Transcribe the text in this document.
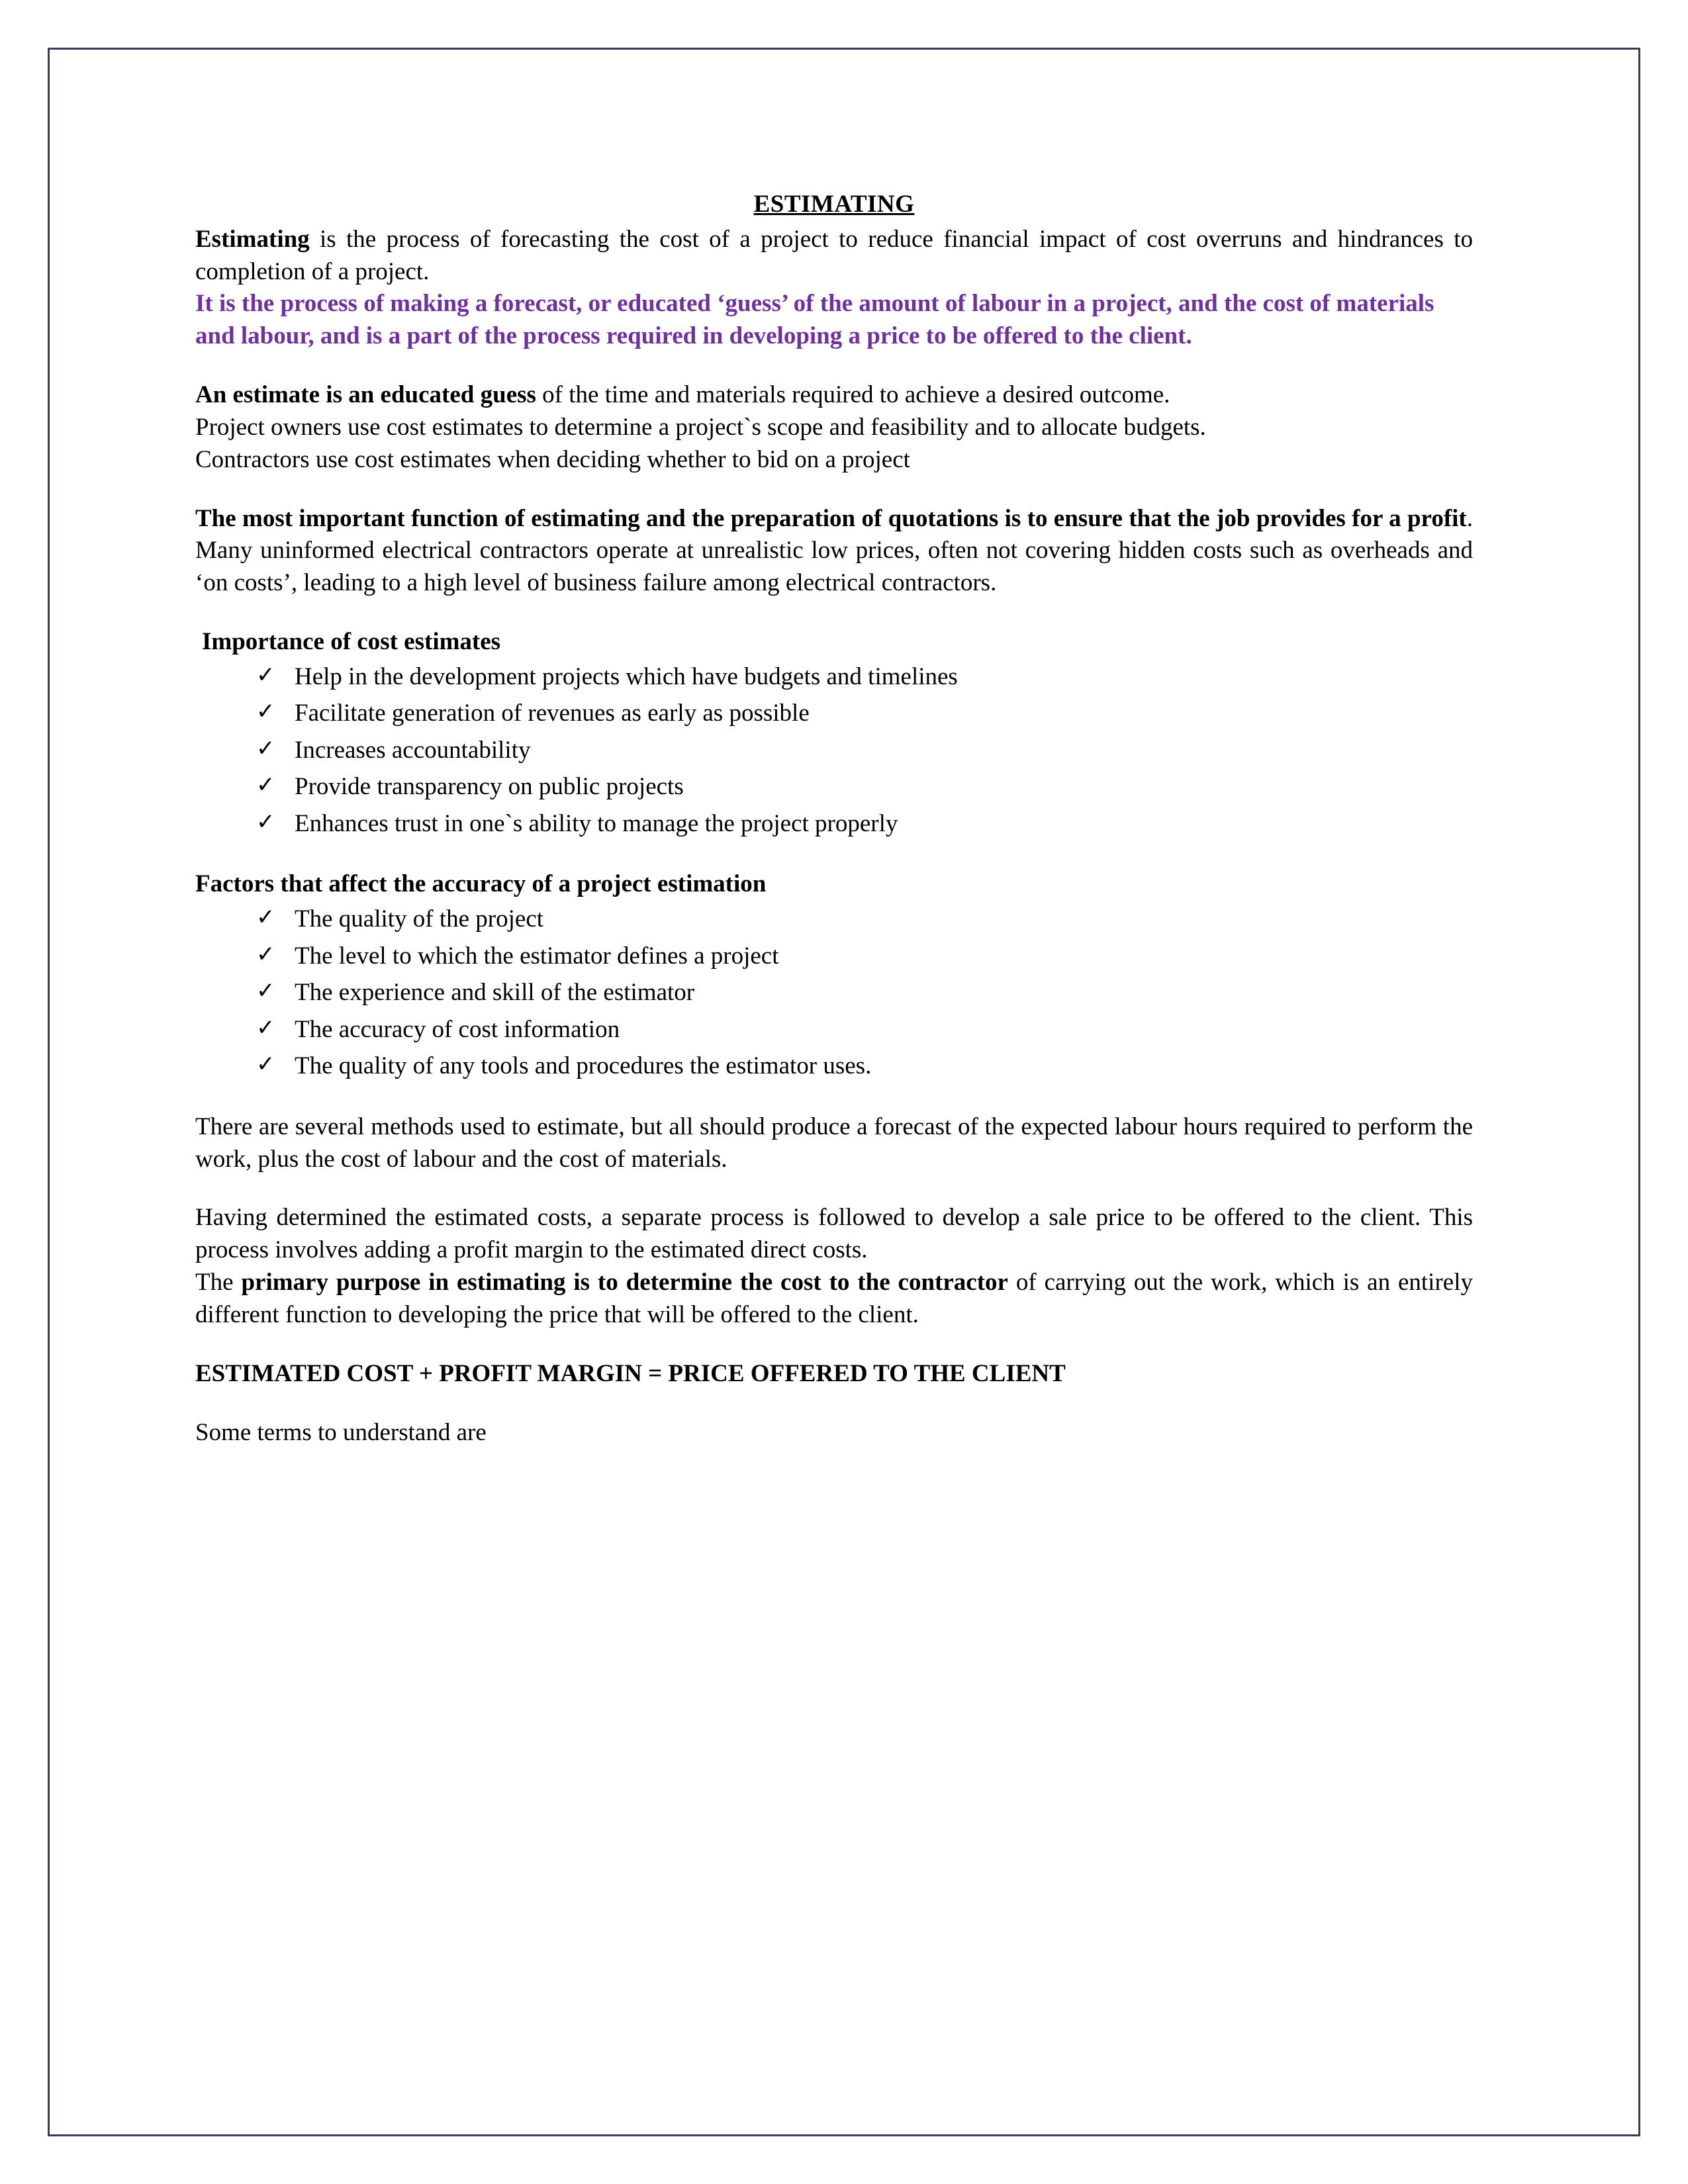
ESTIMATING

Estimating is the process of forecasting the cost of a project to reduce financial impact of cost overruns and hindrances to completion of a project.

It is the process of making a forecast, or educated ‘guess’ of the amount of labour in a project, and the cost of materials and labour, and is a part of the process required in developing a price to be offered to the client.

An estimate is an educated guess of the time and materials required to achieve a desired outcome.

Project owners use cost estimates to determine a project`s scope and feasibility and to allocate budgets.

Contractors use cost estimates when deciding whether to bid on a project

The most important function of estimating and the preparation of quotations is to ensure that the job provides for a profit. Many uninformed electrical contractors operate at unrealistic low prices, often not covering hidden costs such as overheads and ‘on costs’, leading to a high level of business failure among electrical contractors.

Importance of cost estimates
✓ Help in the development projects which have budgets and timelines
✓ Facilitate generation of revenues as early as possible
✓ Increases accountability
✓ Provide transparency on public projects
✓ Enhances trust in one`s ability to manage the project properly
Factors that affect the accuracy of a project estimation
✓ The quality of the project
✓ The level to which the estimator defines a project
✓ The experience and skill of the estimator
✓ The accuracy of cost information
✓ The quality of any tools and procedures the estimator uses.

There are several methods used to estimate, but all should produce a forecast of the expected labour hours required to perform the work, plus the cost of labour and the cost of materials.

Having determined the estimated costs, a separate process is followed to develop a sale price to be offered to the client. This process involves adding a profit margin to the estimated direct costs.

The primary purpose in estimating is to determine the cost to the contractor of carrying out the work, which is an entirely different function to developing the price that will be offered to the client.

ESTIMATED COST + PROFIT MARGIN = PRICE OFFERED TO THE CLIENT

Some terms to understand are
